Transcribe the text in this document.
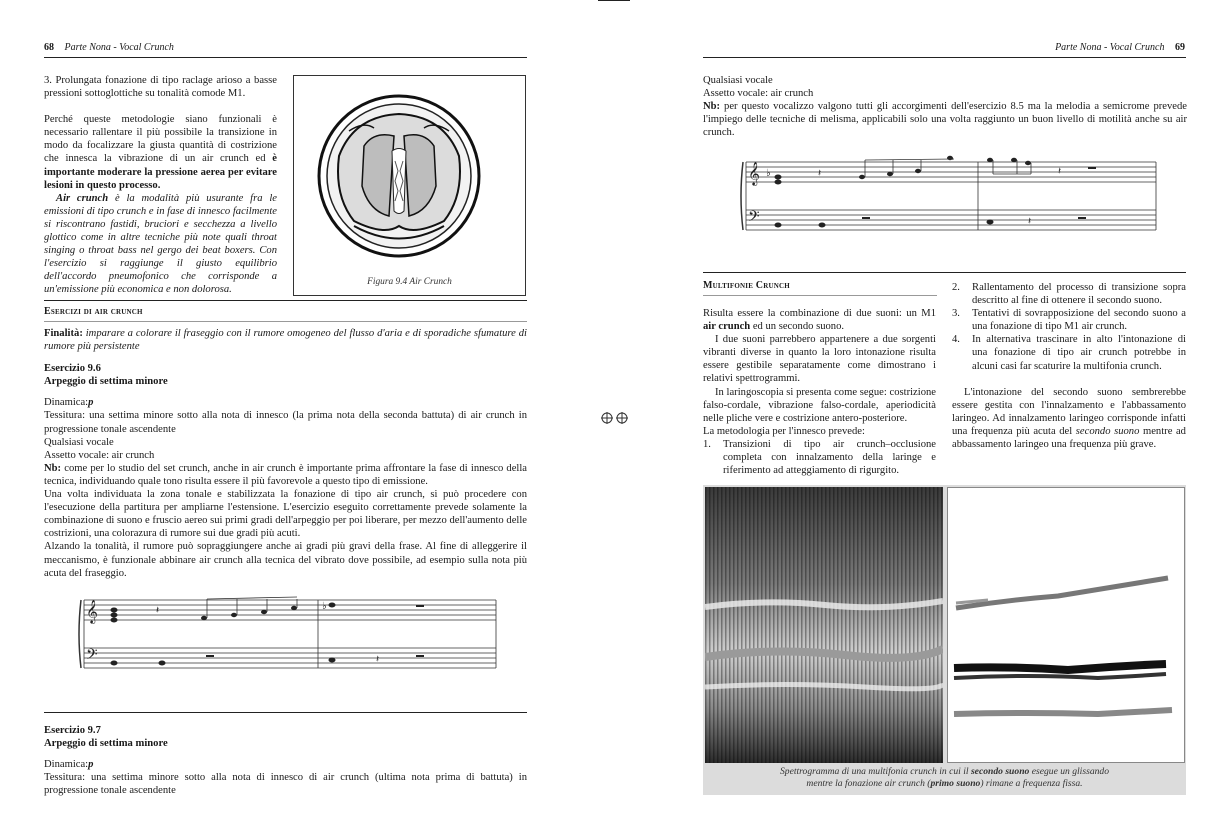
68 Parte Nona - Vocal Crunch
3. Prolungata fonazione di tipo raclage arioso a basse pressioni sottoglottiche su tonalità comode M1.
Perché queste metodologie siano funzionali è necessario rallentare il più possibile la transizione in modo da focalizzare la giusta quantità di costrizione che innesca la vibrazione di un air crunch ed è importante moderare la pressione aerea per evitare lesioni in questo processo.
Air crunch è la modalità più usurante fra le emissioni di tipo crunch e in fase di innesco facilmente si riscontrano fastidi, bruciori e secchezza a livello glottico come in altre tecniche più note quali throat singing o throat bass nel gergo dei beat boxers. Con l'esercizio si raggiunge il giusto equilibrio dell'accordo pneumofonico che corrisponde a un'emissione più economica e non dolorosa.
Figura 9.4 Air Crunch
Esercizi di air crunch
Finalità: imparare a colorare il fraseggio con il rumore omogeneo del flusso d'aria e di sporadiche sfumature di rumore più persistente
Esercizio 9.6
Arpeggio di settima minore
Dinamica:p
Tessitura: una settima minore sotto alla nota di innesco (la prima nota della seconda battuta) di air crunch in progressione tonale ascendente
Qualsiasi vocale
Assetto vocale: air crunch
Nb: come per lo studio del set crunch, anche in air crunch è importante prima affrontare la fase di innesco della tecnica, individuando quale tono risulta essere il più favorevole a questo tipo di emissione.
Una volta individuata la zona tonale e stabilizzata la fonazione di tipo air crunch, si può procedere con l'esecuzione della partitura per ampliarne l'estensione. L'esercizio eseguito correttamente prevede solamente la combinazione di suono e fruscio aereo sui primi gradi dell'arpeggio per poi liberare, per mezzo dell'aumento delle costrizioni, una colorazura di rumore sui due gradi più acuti.
Alzando la tonalità, il rumore può sopraggiungere anche ai gradi più gravi della frase. Al fine di alleggerire il meccanismo, è funzionale abbinare air crunch alla tecnica del vibrato dove possibile, ad esempio sulla nota più acuta del fraseggio.
𝄞
𝄢
𝄽	♭
𝄽
Esercizio 9.7
Arpeggio di settima minore
Dinamica:p
Tessitura: una settima minore sotto alla nota di innesco di air crunch (ultima nota prima di battuta) in progressione tonale ascendente
Parte Nona - Vocal Crunch 69
Qualsiasi vocale
Assetto vocale: air crunch
Nb: per questo vocalizzo valgono tutti gli accorgimenti dell'esercizio 8.5 ma la melodia a semicrome prevede l'impiego delle tecniche di melisma, applicabili solo una volta raggiunto un buon livello di motilità anche su air crunch.
𝄞
𝄢
♭	𝄽	𝄽
𝄽
Multifonie Crunch
Risulta essere la combinazione di due suoni: un M1 air crunch ed un secondo suono.
I due suoni parrebbero appartenere a due sorgenti vibranti diverse in quanto la loro intonazione risulta essere gestibile separatamente come dimostrano i relativi spettrogrammi.
In laringoscopia si presenta come segue: costrizione falso-cordale, vibrazione falso-cordale, aperiodicità nelle pliche vere e costrizione antero-posteriore.
La metodologia per l'innesco prevede:
1. Transizioni di tipo air crunch–occlusione completa con innalzamento della laringe e riferimento ad atteggiamento di rigurgito.
2. Rallentamento del processo di transizione sopra descritto al fine di ottenere il secondo suono.
3. Tentativi di sovrapposizione del secondo suono a una fonazione di tipo M1 air crunch.
4. In alternativa trascinare in alto l'intonazione di una fonazione di tipo air crunch potrebbe in alcuni casi far scaturire la multifonia crunch.
L'intonazione del secondo suono sembrerebbe essere gestita con l'innalzamento e l'abbassamento laringeo. Ad innalzamento laringeo corrisponde infatti una frequenza più acuta del secondo suono mentre ad abbassamento laringeo una frequenza più grave.
Spettrogramma di una multifonia crunch in cui il secondo suono esegue un glissando
mentre la fonazione air crunch (primo suono) rimane a frequenza fissa.
